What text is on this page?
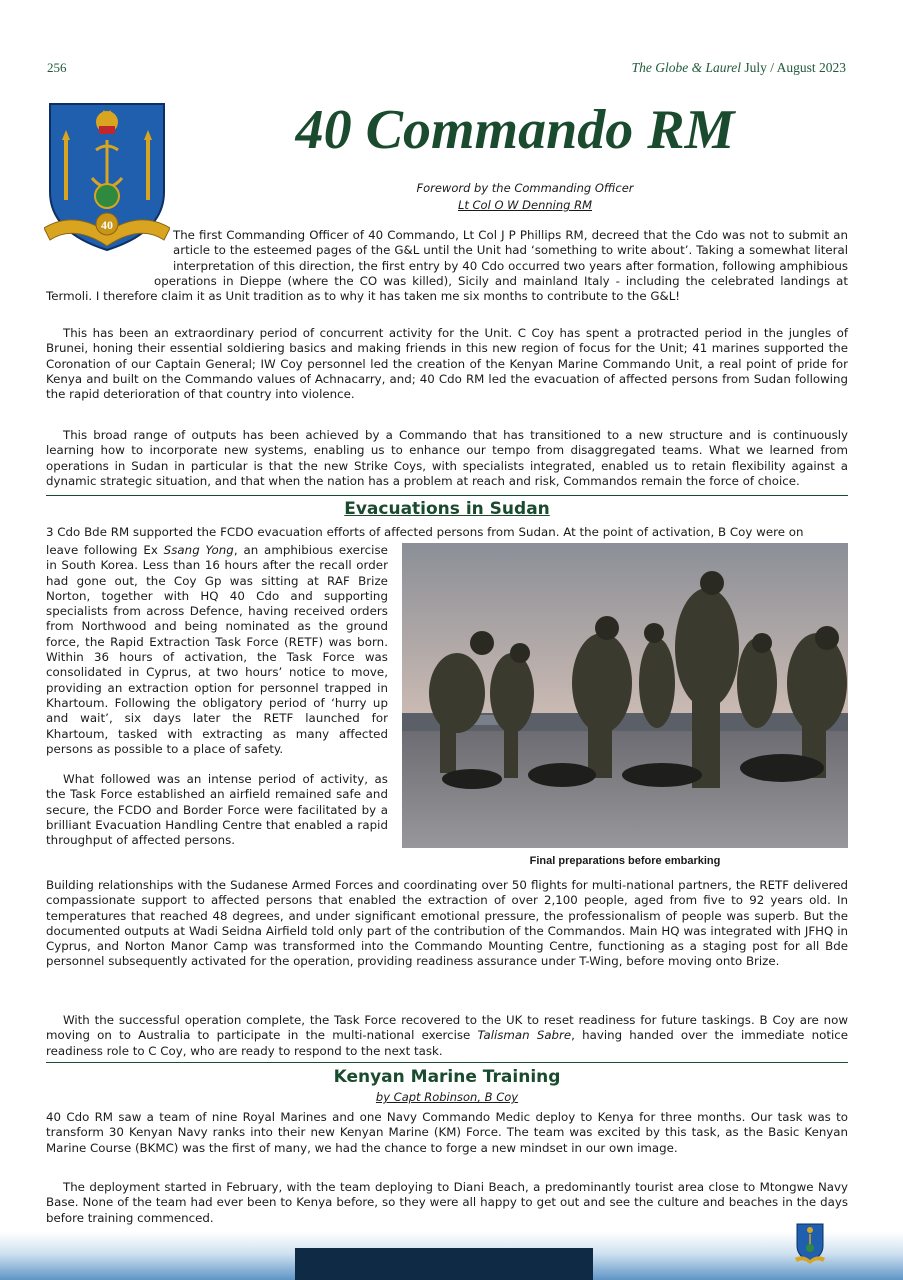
256	The Globe & Laurel July / August 2023
40
40 Commando RM
Foreword by the Commanding Officer
Lt Col O W Denning RM

The first Commanding Officer of 40 Commando, Lt Col J P Phillips RM, decreed that the Cdo was not to submit an article to the esteemed pages of the G&L until the Unit had ‘something to write about’. Taking a somewhat literal interpretation of this direction, the first entry by 40 Cdo occurred two years after formation, following amphibious operations in Dieppe (where the CO was killed), Sicily and mainland Italy - including the celebrated landings at Termoli. I therefore claim it as Unit tradition as to why it has taken me six months to contribute to the G&L!

This has been an extraordinary period of concurrent activity for the Unit. C Coy has spent a protracted period in the jungles of Brunei, honing their essential soldiering basics and making friends in this new region of focus for the Unit; 41 marines supported the Coronation of our Captain General; IW Coy personnel led the creation of the Kenyan Marine Commando Unit, a real point of pride for Kenya and built on the Commando values of Achnacarry, and; 40 Cdo RM led the evacuation of affected persons from Sudan following the rapid deterioration of that country into violence.

This broad range of outputs has been achieved by a Commando that has transitioned to a new structure and is continuously learning how to incorporate new systems, enabling us to enhance our tempo from disaggregated teams. What we learned from operations in Sudan in particular is that the new Strike Coys, with specialists integrated, enabled us to retain flexibility against a dynamic strategic situation, and that when the nation has a problem at reach and risk, Commandos remain the force of choice.

Evacuations in Sudan

3 Cdo Bde RM supported the FCDO evacuation efforts of affected persons from Sudan. At the point of activation, B Coy were on

leave following Ex Ssang Yong, an amphibious exercise in South Korea. Less than 16 hours after the recall order had gone out, the Coy Gp was sitting at RAF Brize Norton, together with HQ 40 Cdo and supporting specialists from across Defence, having received orders from Northwood and being nominated as the ground force, the Rapid Extraction Task Force (RETF) was born. Within 36 hours of activation, the Task Force was consolidated in Cyprus, at two hours’ notice to move, providing an extraction option for personnel trapped in Khartoum. Following the obligatory period of ‘hurry up and wait’, six days later the RETF launched for Khartoum, tasked with extracting as many affected persons as possible to a place of safety.

What followed was an intense period of activity, as the Task Force established an airfield remained safe and secure, the FCDO and Border Force were facilitated by a brilliant Evacuation Handling Centre that enabled a rapid throughput of affected persons.

Final preparations before embarking

Building relationships with the Sudanese Armed Forces and coordinating over 50 flights for multi-national partners, the RETF delivered compassionate support to affected persons that enabled the extraction of over 2,100 people, aged from five to 92 years old. In temperatures that reached 48 degrees, and under significant emotional pressure, the professionalism of people was superb. But the documented outputs at Wadi Seidna Airfield told only part of the contribution of the Commandos. Main HQ was integrated with JFHQ in Cyprus, and Norton Manor Camp was transformed into the Commando Mounting Centre, functioning as a staging post for all Bde personnel subsequently activated for the operation, providing readiness assurance under T-Wing, before moving onto Brize.

With the successful operation complete, the Task Force recovered to the UK to reset readiness for future taskings. B Coy are now moving on to Australia to participate in the multi-national exercise Talisman Sabre, having handed over the immediate notice readiness role to C Coy, who are ready to respond to the next task.

Kenyan Marine Training
by Capt Robinson, B Coy

40 Cdo RM saw a team of nine Royal Marines and one Navy Commando Medic deploy to Kenya for three months. Our task was to transform 30 Kenyan Navy ranks into their new Kenyan Marine (KM) Force. The team was excited by this task, as the Basic Kenyan Marine Course (BKMC) was the first of many, we had the chance to forge a new mindset in our own image.

The deployment started in February, with the team deploying to Diani Beach, a predominantly tourist area close to Mtongwe Navy Base. None of the team had ever been to Kenya before, so they were all happy to get out and see the culture and beaches in the days before training commenced.
